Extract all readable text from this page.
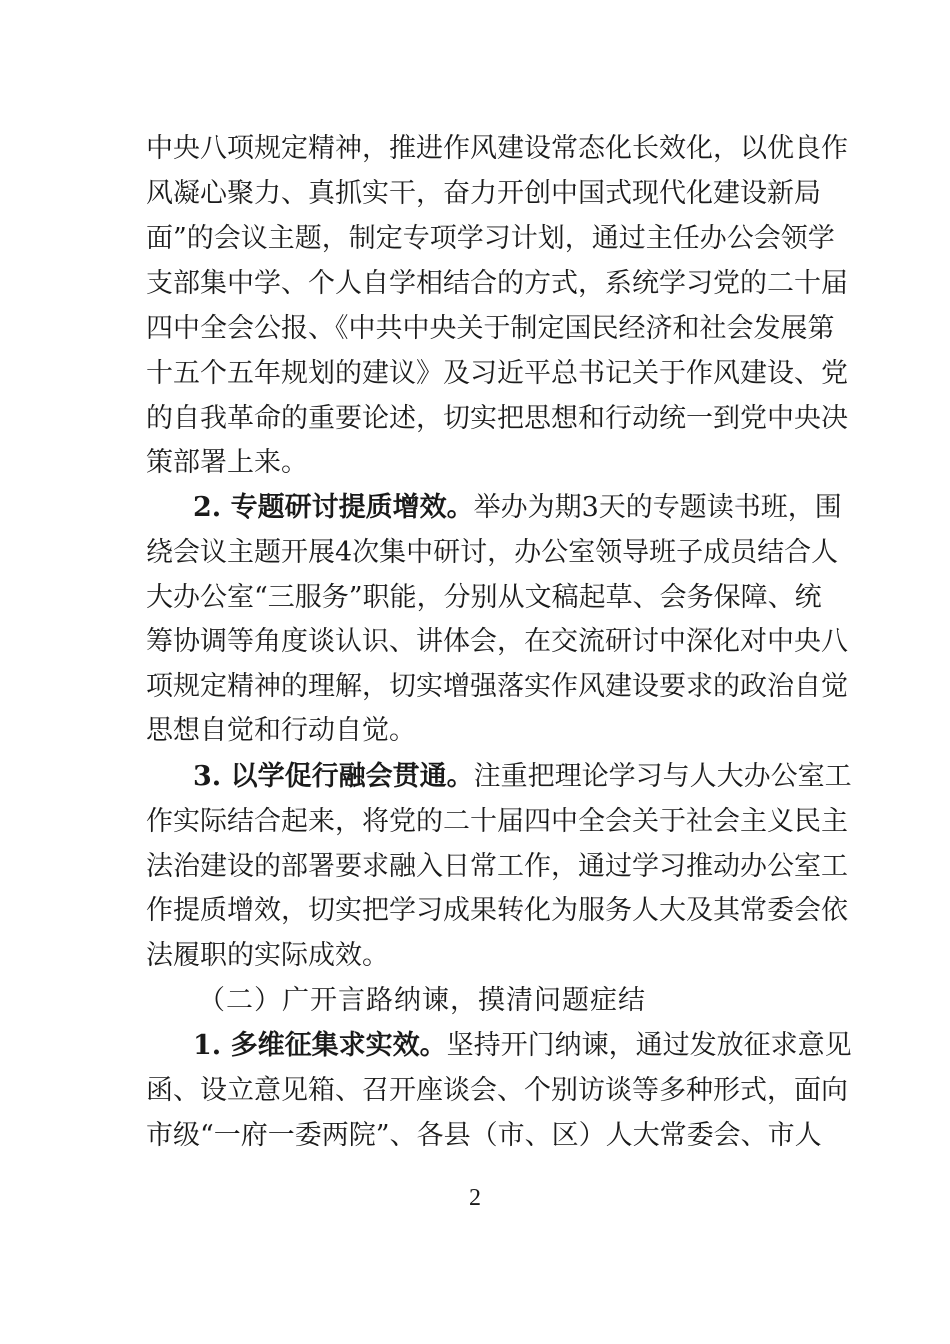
中央八项规定精神，推进作风建设常态化长效化，以优良作
风凝心聚力、真抓实干，奋力开创中国式现代化建设新局
面”的会议主题，制定专项学习计划，通过主任办公会领学
支部集中学、个人自学相结合的方式，系统学习党的二十届
四中全会公报、《中共中央关于制定国民经济和社会发展第
十五个五年规划的建议》及习近平总书记关于作风建设、党
的自我革命的重要论述，切实把思想和行动统一到党中央决
策部署上来。
2. 专题研讨提质增效。举办为期3天的专题读书班，围
绕会议主题开展4次集中研讨，办公室领导班子成员结合人
大办公室“三服务”职能，分别从文稿起草、会务保障、统
筹协调等角度谈认识、讲体会，在交流研讨中深化对中央八
项规定精神的理解，切实增强落实作风建设要求的政治自觉
思想自觉和行动自觉。
3. 以学促行融会贯通。注重把理论学习与人大办公室工
作实际结合起来，将党的二十届四中全会关于社会主义民主
法治建设的部署要求融入日常工作，通过学习推动办公室工
作提质增效，切实把学习成果转化为服务人大及其常委会依
法履职的实际成效。
（二）广开言路纳谏，摸清问题症结
1. 多维征集求实效。坚持开门纳谏，通过发放征求意见
函、设立意见箱、召开座谈会、个别访谈等多种形式，面向
市级“一府一委两院”、各县（市、区）人大常委会、市人
2
